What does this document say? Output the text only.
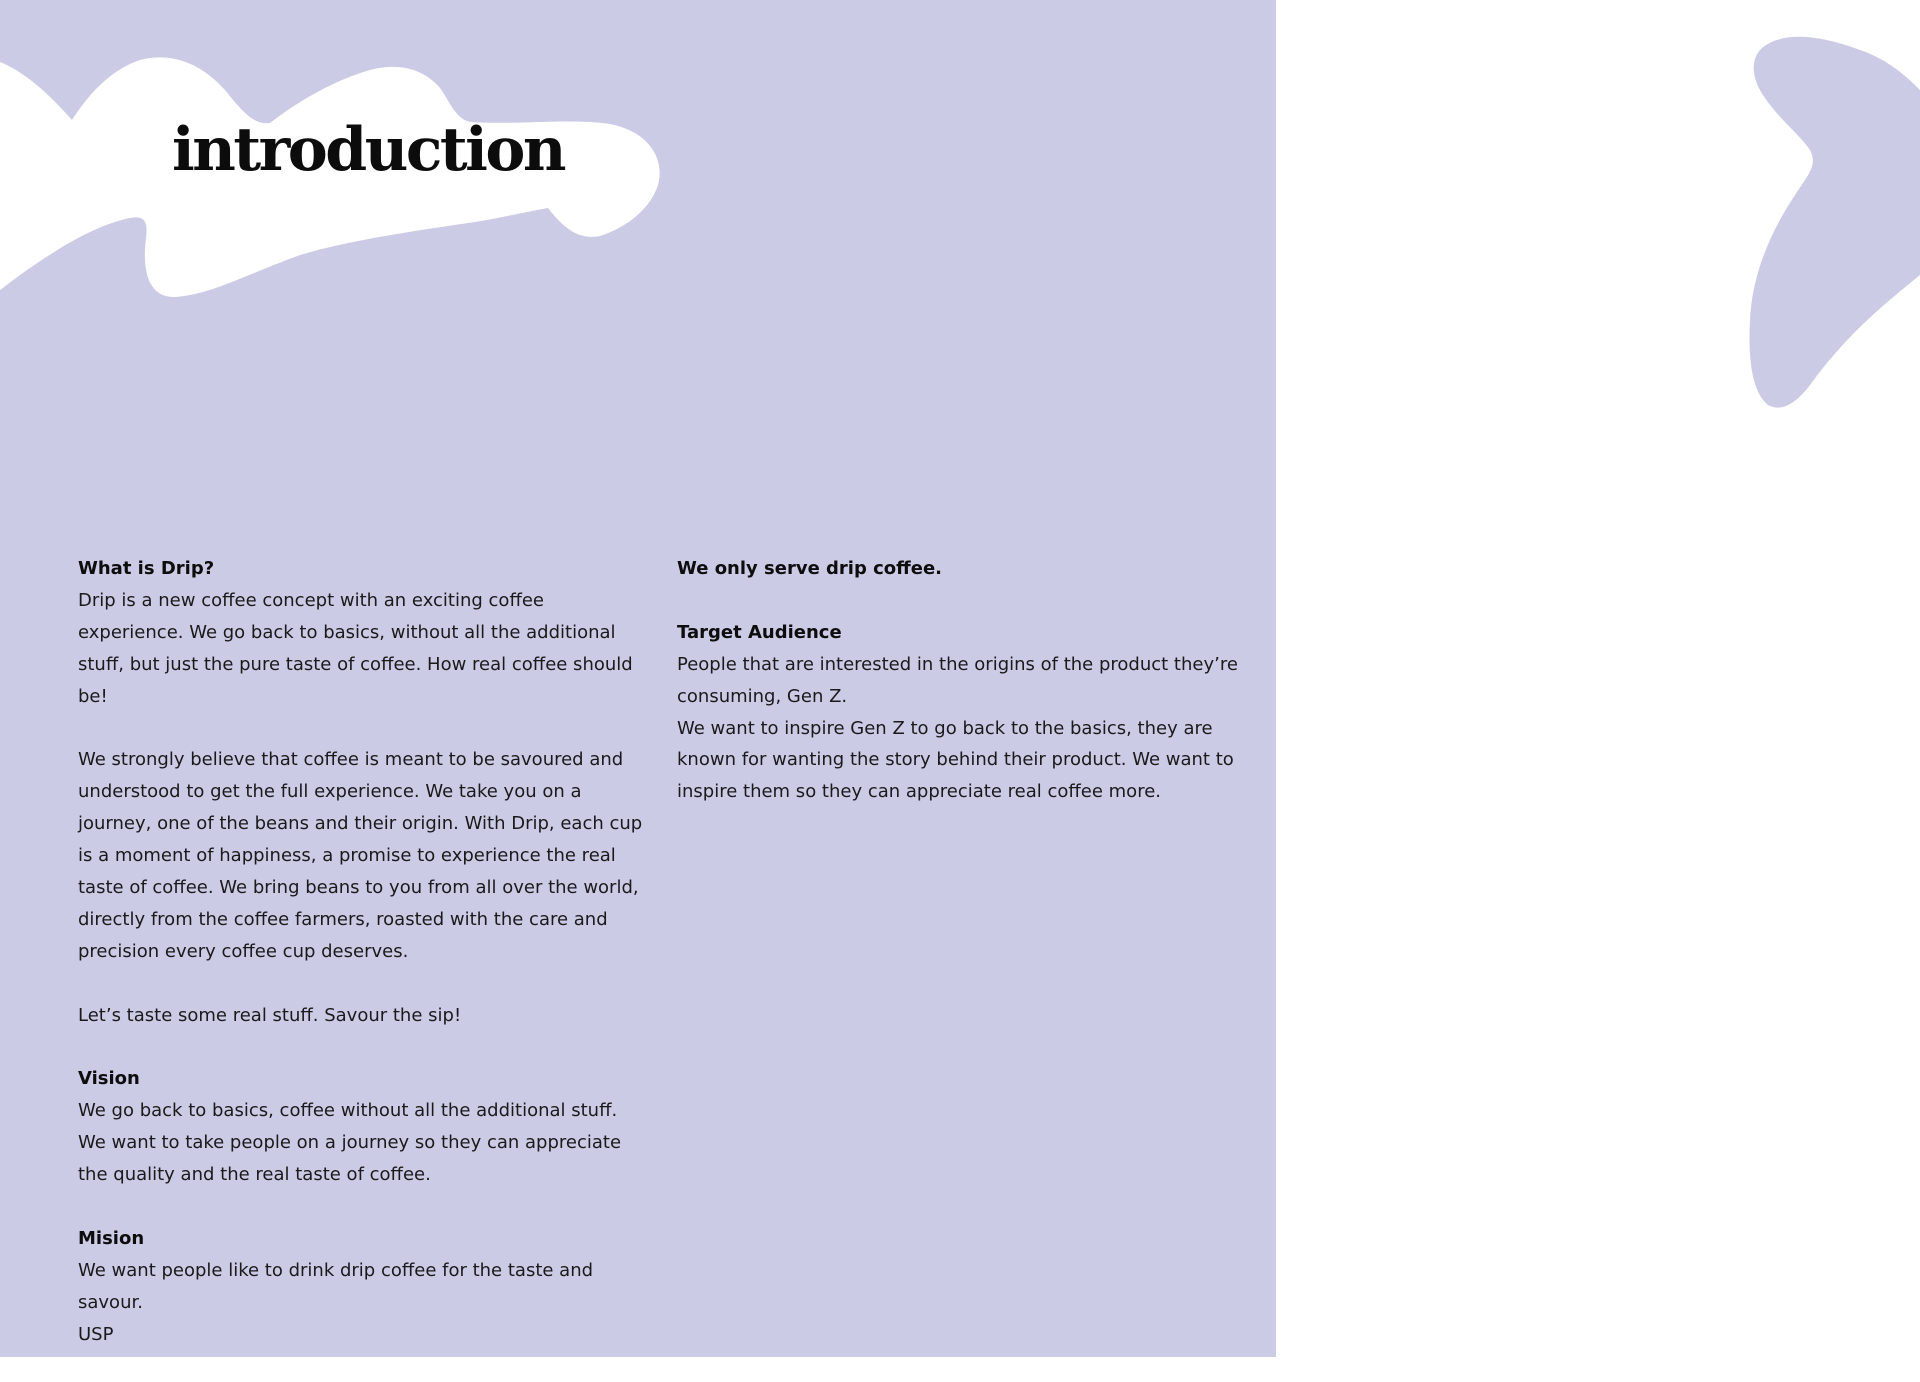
introduction

What is Drip?
Drip is a new coffee concept with an exciting coffee experience. We go back to basics, without all the additional stuff, but just the pure taste of coffee. How real coffee should be!

We strongly believe that coffee is meant to be savoured and understood to get the full experience. We take you on a journey, one of the beans and their origin. With Drip, each cup is a moment of happiness, a promise to experience the real taste of coffee. We bring beans to you from all over the world, directly from the coffee farmers, roasted with the care and precision every coffee cup deserves.

Let’s taste some real stuff. Savour the sip!

Vision
We go back to basics, coffee without all the additional stuff. We want to take people on a journey so they can appreciate the quality and the real taste of coffee.

Mision
We want people like to drink drip coffee for the taste and savour.
USP

We only serve drip coffee.

Target Audience
People that are interested in the origins of the product they’re consuming, Gen Z.
We want to inspire Gen Z to go back to the basics, they are known for wanting the story behind their product. We want to inspire them so they can appreciate real coffee more.
